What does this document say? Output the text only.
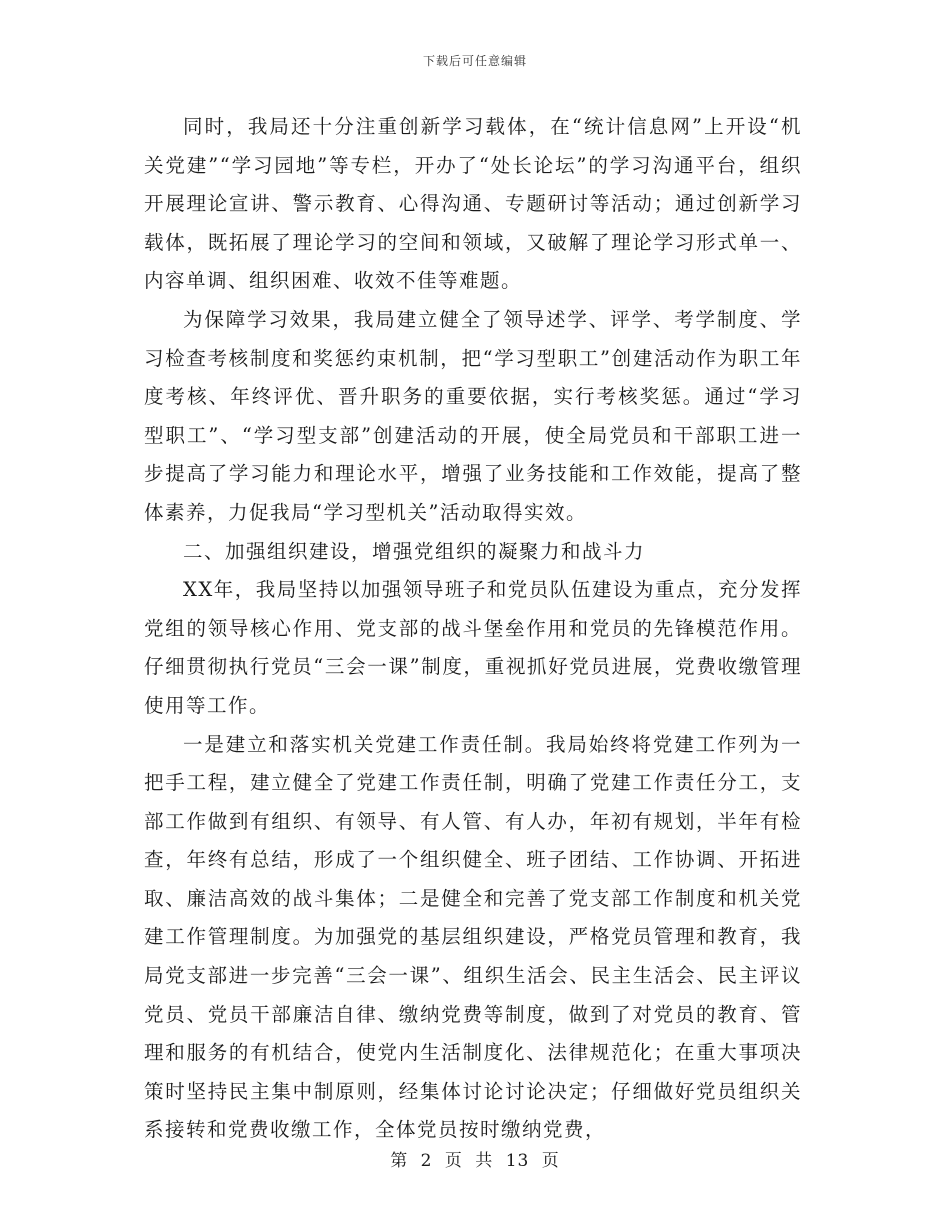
下载后可任意编辑

同时，我局还十分注重创新学习载体，在“统计信息网”上开设“机关党建”“学习园地”等专栏，开办了“处长论坛”的学习沟通平台，组织开展理论宣讲、警示教育、心得沟通、专题研讨等活动；通过创新学习载体，既拓展了理论学习的空间和领域，又破解了理论学习形式单一、内容单调、组织困难、收效不佳等难题。

为保障学习效果，我局建立健全了领导述学、评学、考学制度、学习检查考核制度和奖惩约束机制，把“学习型职工”创建活动作为职工年度考核、年终评优、晋升职务的重要依据，实行考核奖惩。通过“学习型职工”、“学习型支部”创建活动的开展，使全局党员和干部职工进一步提高了学习能力和理论水平，增强了业务技能和工作效能，提高了整体素养，力促我局“学习型机关”活动取得实效。

二、加强组织建设，增强党组织的凝聚力和战斗力

XX年，我局坚持以加强领导班子和党员队伍建设为重点，充分发挥党组的领导核心作用、党支部的战斗堡垒作用和党员的先锋模范作用。仔细贯彻执行党员“三会一课”制度，重视抓好党员进展，党费收缴管理使用等工作。

一是建立和落实机关党建工作责任制。我局始终将党建工作列为一把手工程，建立健全了党建工作责任制，明确了党建工作责任分工，支部工作做到有组织、有领导、有人管、有人办，年初有规划，半年有检查，年终有总结，形成了一个组织健全、班子团结、工作协调、开拓进取、廉洁高效的战斗集体；二是健全和完善了党支部工作制度和机关党建工作管理制度。为加强党的基层组织建设，严格党员管理和教育，我局党支部进一步完善“三会一课”、组织生活会、民主生活会、民主评议党员、党员干部廉洁自律、缴纳党费等制度，做到了对党员的教育、管理和服务的有机结合，使党内生活制度化、法律规范化；在重大事项决策时坚持民主集中制原则，经集体讨论讨论决定；仔细做好党员组织关系接转和党费收缴工作，全体党员按时缴纳党费，

第 2 页 共 13 页
